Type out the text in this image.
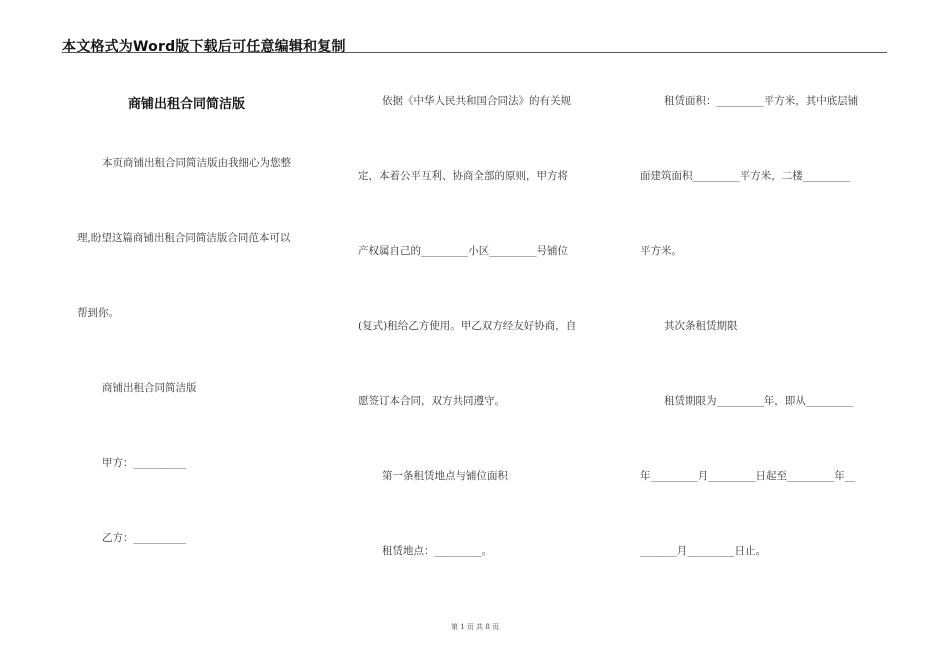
本文格式为Word版下载后可任意编辑和复制
商铺出租合同简洁版
本页商铺出租合同简洁版由我细心为您整
理,盼望这篇商铺出租合同简洁版合同范本可以
帮到你。
商铺出租合同简洁版
甲方：__________
乙方：__________
依据《中华人民共和国合同法》的有关规
定，本着公平互利、协商全部的原则，甲方将
产权属自己的_________小区_________号铺位
(复式)租给乙方使用。甲乙双方经友好协商，自
愿签订本合同，双方共同遵守。
第一条租赁地点与铺位面积
租赁地点：_________。
租赁面积：_________平方米，其中底层铺
面建筑面积_________平方米，二楼_________
平方米。
其次条租赁期限
租赁期限为_________年，即从_________
年_________月_________日起至_________年__
_______月_________日止。
第 1 页 共 8 页
